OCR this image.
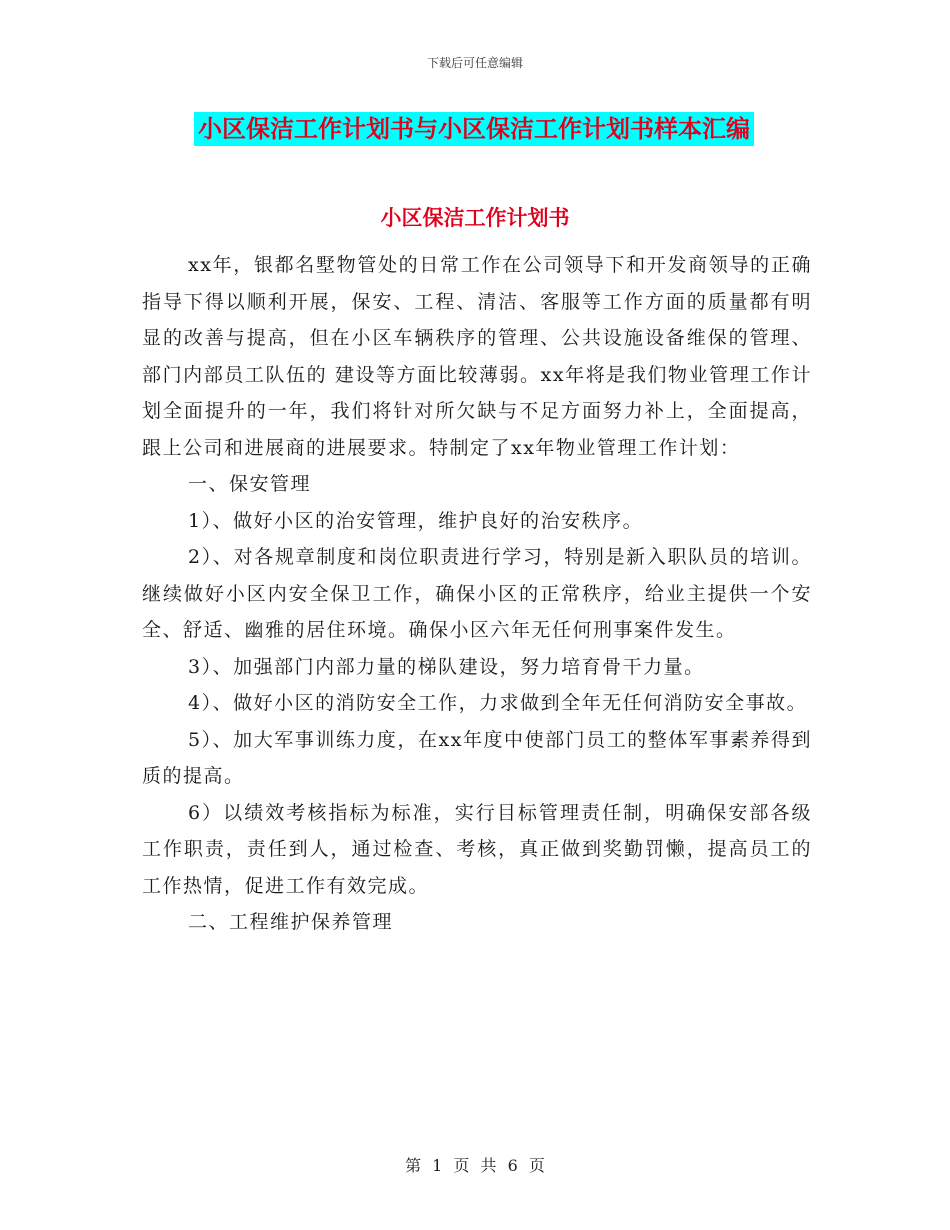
下载后可任意编辑
小区保洁工作计划书与小区保洁工作计划书样本汇编
小区保洁工作计划书

xx年，银都名墅物管处的日常工作在公司领导下和开发商领导的正确指导下得以顺利开展，保安、工程、清洁、客服等工作方面的质量都有明显的改善与提高，但在小区车辆秩序的管理、公共设施设备维保的管理、部门内部员工队伍的 建设等方面比较薄弱。xx年将是我们物业管理工作计划全面提升的一年，我们将针对所欠缺与不足方面努力补上，全面提高，跟上公司和进展商的进展要求。特制定了xx年物业管理工作计划：

一、保安管理

1）、做好小区的治安管理，维护良好的治安秩序。

2）、对各规章制度和岗位职责进行学习，特别是新入职队员的培训。 继续做好小区内安全保卫工作，确保小区的正常秩序，给业主提供一个安全、舒适、幽雅的居住环境。确保小区六年无任何刑事案件发生。

3）、加强部门内部力量的梯队建设，努力培育骨干力量。

4）、做好小区的消防安全工作，力求做到全年无任何消防安全事故。

5）、加大军事训练力度，在xx年度中使部门员工的整体军事素养得到质的提高。

6）以绩效考核指标为标准，实行目标管理责任制，明确保安部各级工作职责，责任到人，通过检查、考核，真正做到奖勤罚懒，提高员工的工作热情，促进工作有效完成。

二、工程维护保养管理

第 1 页 共 6 页
